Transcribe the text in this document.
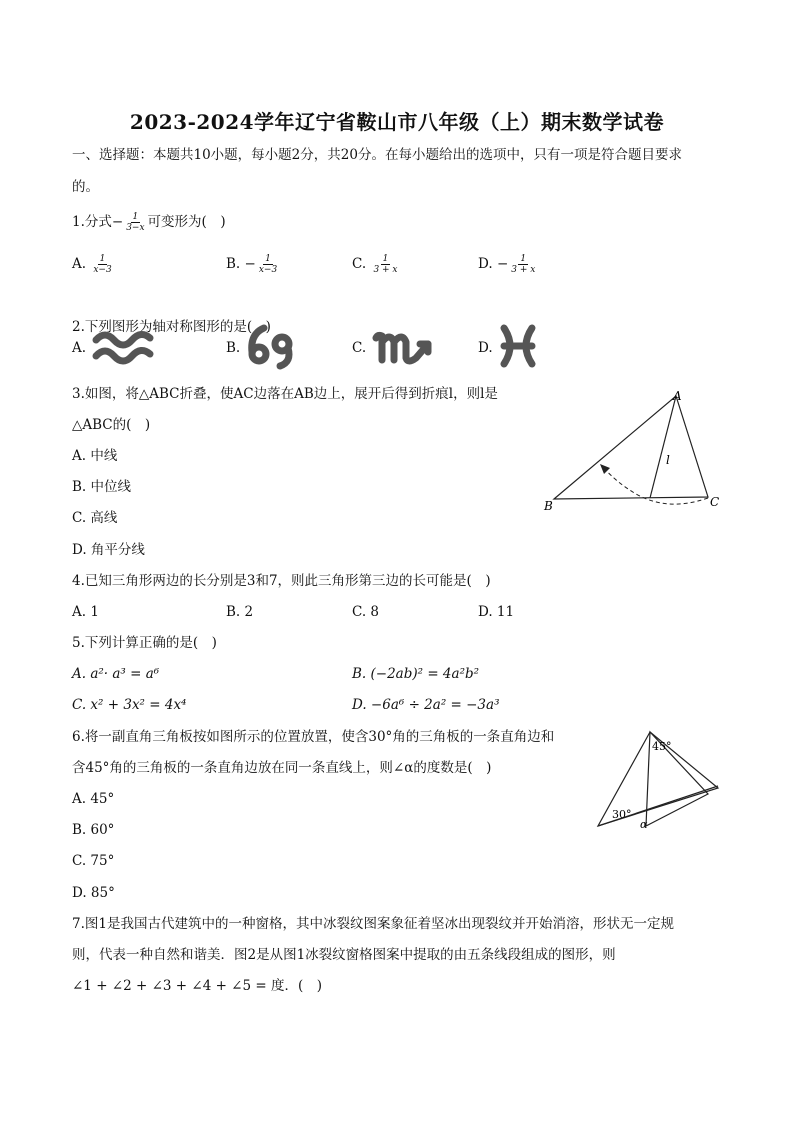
2023-2024学年辽宁省鞍山市八年级（上）期末数学试卷
一、选择题：本题共10小题，每小题2分，共20分。在每小题给出的选项中，只有一项是符合题目要求
的。
1.分式− $\frac{1}{3-x}$ 可变形为(　)
A. $\frac{1}{x-3}$	B. − $\frac{1}{x-3}$	C. $\frac{1}{3 + x}$	D. − $\frac{1}{3 + x}$
2.下列图形为轴对称图形的是(　)
A.	B.	C.	D.
3.如图，将△ABC折叠，使AC边落在AB边上，展开后得到折痕l，则l是
△ABC的(　)
A. 中线
B. 中位线
C. 高线
D. 角平分线
A
B	C
l
4.已知三角形两边的长分别是3和7，则此三角形第三边的长可能是(　)
A. 1	B. 2	C. 8	D. 11
5.下列计算正确的是(　)
A. a²· a³ = a⁶	B. (−2ab)² = 4a²b²
C. x² + 3x² = 4x⁴	D. −6a⁶ ÷ 2a² = −3a³
6.将一副直角三角板按如图所示的位置放置，使含30°角的三角板的一条直角边和
含45°角的三角板的一条直角边放在同一条直线上，则∠α的度数是(　)
A. 45°
B. 60°
C. 75°
D. 85°
45°
30°
α
7.图1是我国古代建筑中的一种窗格，其中冰裂纹图案象征着坚冰出现裂纹并开始消溶，形状无一定规
则，代表一种自然和谐美．图2是从图1冰裂纹窗格图案中提取的由五条线段组成的图形，则
∠1 + ∠2 + ∠3 + ∠4 + ∠5 = 度．(　)
